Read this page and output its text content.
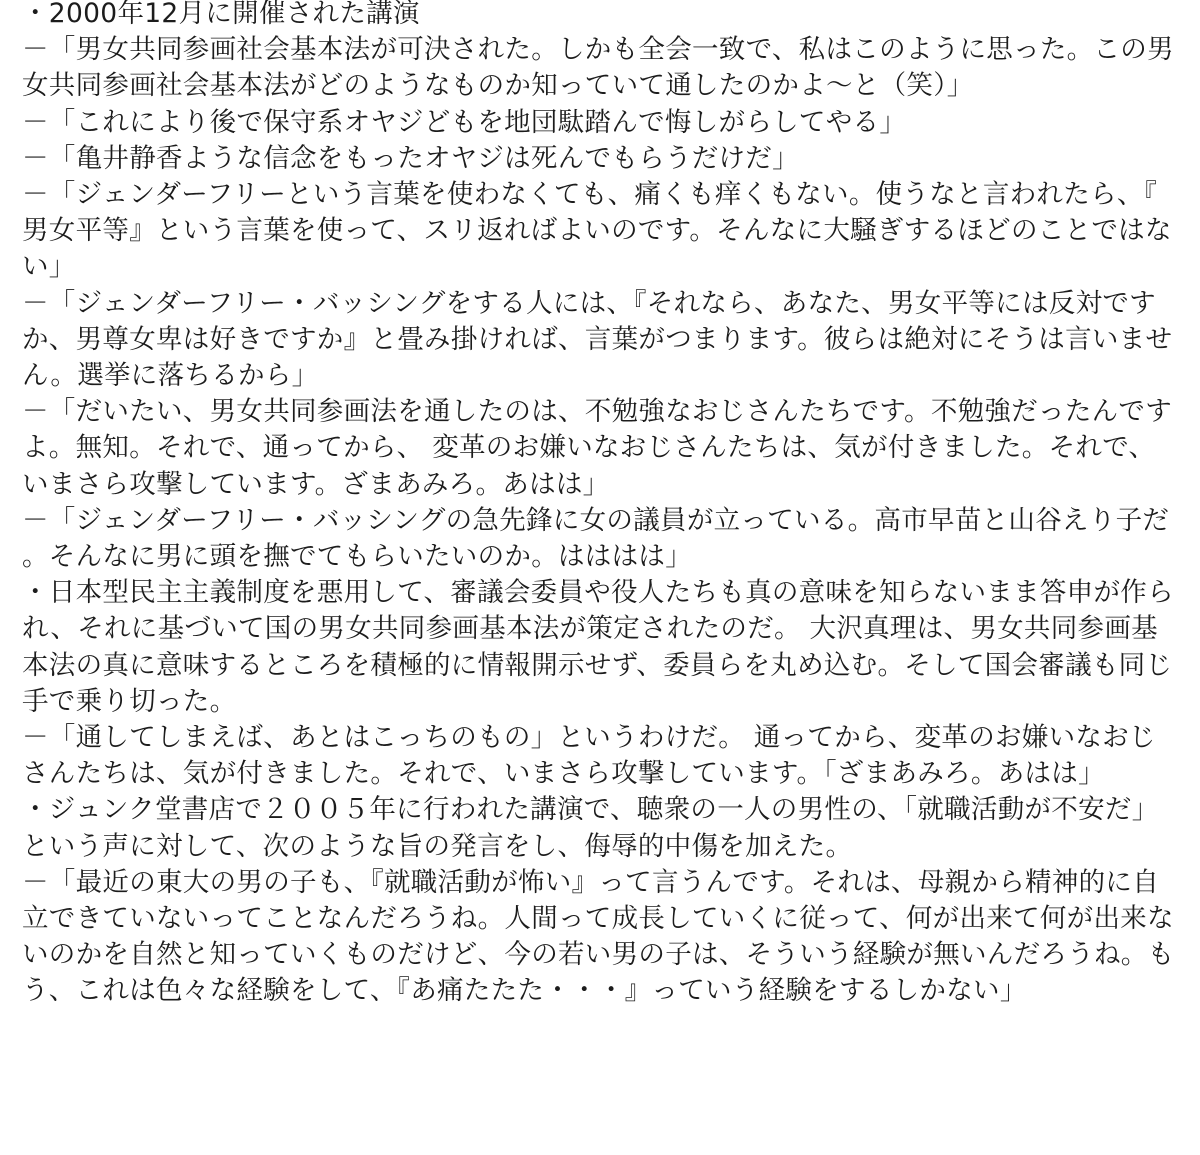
・2000年12月に開催された講演

－「男女共同参画社会基本法が可決された。しかも全会一致で、私はこのように思った。この男女共同参画社会基本法がどのようなものか知っていて通したのかよ～と（笑）」

－「これにより後で保守系オヤジどもを地団駄踏んで悔しがらしてやる」

－「亀井静香ような信念をもったオヤジは死んでもらうだけだ」

－「ジェンダーフリーという言葉を使わなくても、痛くも痒くもない。使うなと言われたら、『男女平等』という言葉を使って、スリ返ればよいのです。そんなに大騒ぎするほどのことではない」

－「ジェンダーフリー・バッシングをする人には、『それなら、あなた、男女平等には反対ですか、男尊女卑は好きですか』と畳み掛ければ、言葉がつまります。彼らは絶対にそうは言いません。選挙に落ちるから」

－「だいたい、男女共同参画法を通したのは、不勉強なおじさんたちです。不勉強だったんですよ。無知。それで、通ってから、 変革のお嫌いなおじさんたちは、気が付きました。それで、いまさら攻撃しています。ざまあみろ。あはは」

－「ジェンダーフリー・バッシングの急先鋒に女の議員が立っている。高市早苗と山谷えり子だ。そんなに男に頭を撫でてもらいたいのか。はははは」

・日本型民主主義制度を悪用して、審議会委員や役人たちも真の意味を知らないまま答申が作られ、それに基づいて国の男女共同参画基本法が策定されたのだ。 大沢真理は、男女共同参画基本法の真に意味するところを積極的に情報開示せず、委員らを丸め込む。そして国会審議も同じ手で乗り切った。

－「通してしまえば、あとはこっちのもの」というわけだ。 通ってから、変革のお嫌いなおじさんたちは、気が付きました。それで、いまさら攻撃しています。「ざまあみろ。あはは」

・ジュンク堂書店で２００５年に行われた講演で、聴衆の一人の男性の、「就職活動が不安だ」という声に対して、次のような旨の発言をし、侮辱的中傷を加えた。

－「最近の東大の男の子も、『就職活動が怖い』って言うんです。それは、母親から精神的に自立できていないってことなんだろうね。人間って成長していくに従って、何が出来て何が出来ないのかを自然と知っていくものだけど、今の若い男の子は、そういう経験が無いんだろうね。もう、これは色々な経験をして、『あ痛たたた・・・』っていう経験をするしかない」
